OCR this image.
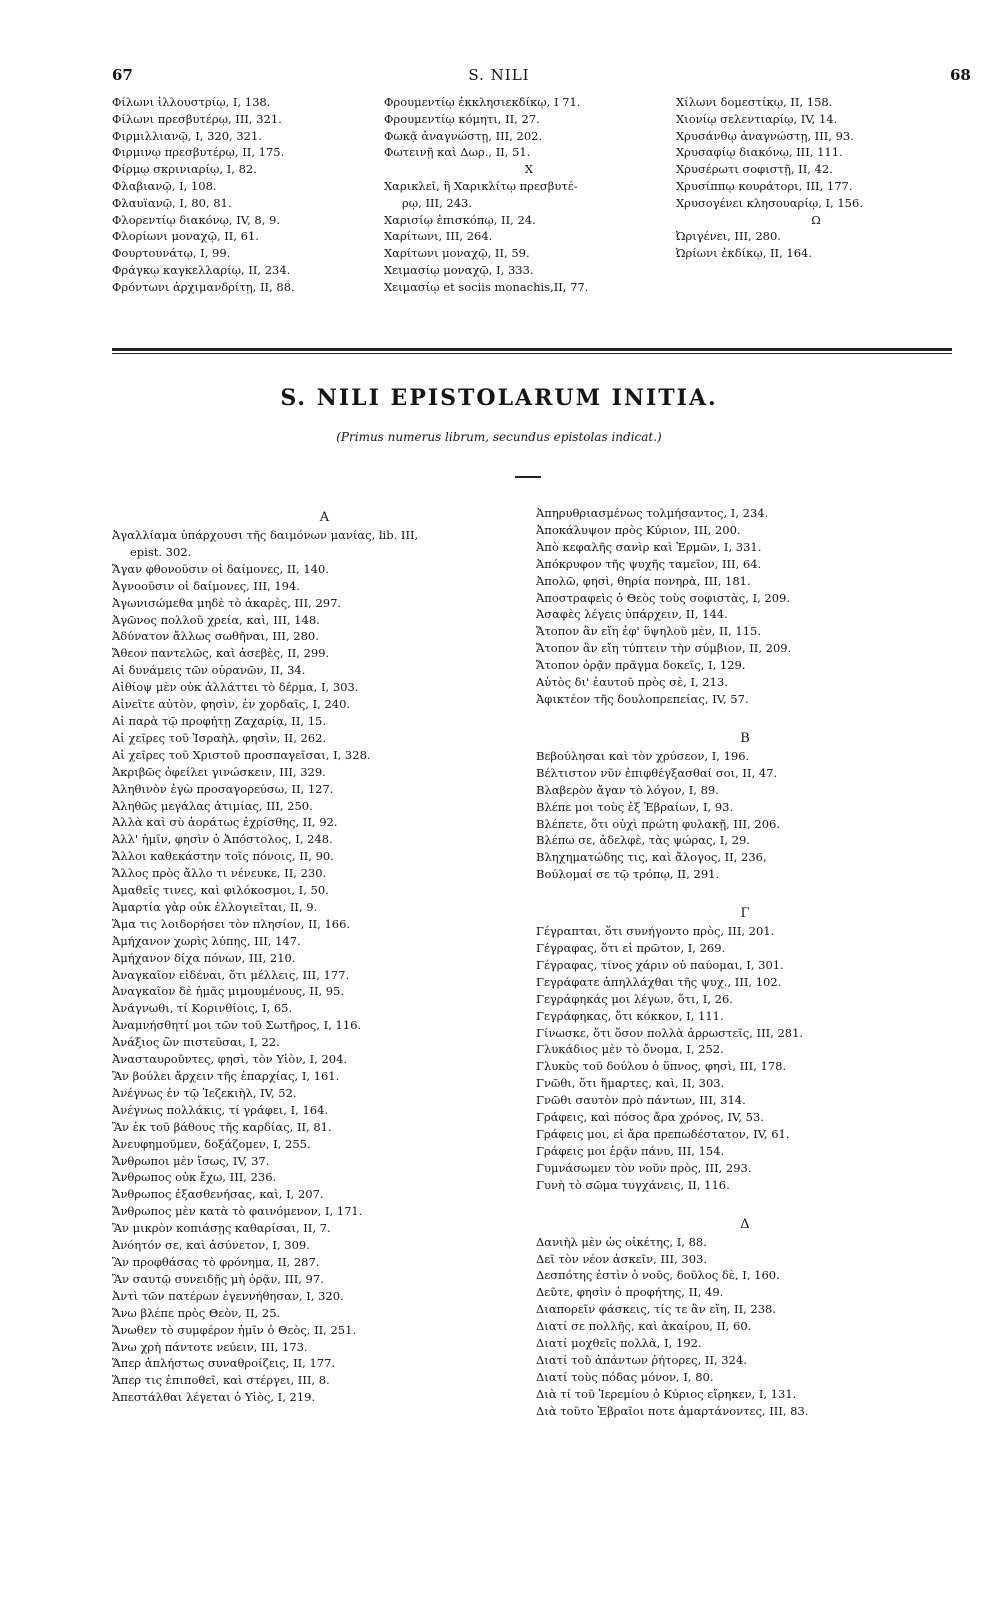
67	S. NILI	68
Φίλωνι ἰλλουστρίῳ, Ι, 138.
Φίλωνι πρεσβυτέρῳ, ΙΙΙ, 321.
Φιρμιλλιανῷ, Ι, 320, 321.
Φιρμινῳ πρεσβυτέρῳ, ΙΙ, 175.
Φίρμῳ σκρινιαρίῳ, Ι, 82.
Φλαβιανῷ, Ι, 108.
Φλαυϊανῷ, Ι, 80, 81.
Φλορεντίῳ διακόνῳ, ΙV, 8, 9.
Φλορίωνι μοναχῷ, ΙΙ, 61.
Φουρτουνάτῳ, Ι, 99.
Φράγκῳ καγκελλαρίῳ, ΙΙ, 234.
Φρόντωνι ἀρχιμανδρίτῃ, ΙΙ, 88.
Φρουμεντίῳ ἐκκλησιεκδίκῳ, Ι 71.
Φρουμεντίῳ κόμητι, ΙΙ, 27.
Φωκᾷ ἀναγνώστῃ, ΙΙΙ, 202.
Φωτεινῇ καὶ Δωρ., ΙΙ, 51.
X
Χαρικλεῖ, ἢ Χαρικλίτῳ πρεσβυτέ-
ρῳ, ΙΙΙ, 243.
Χαρισίῳ ἐπισκόπῳ, ΙΙ, 24.
Χαρίτωνι, ΙΙΙ, 264.
Χαρίτωνι μοναχῷ, ΙΙ, 59.
Χειμασίῳ μοναχῷ, Ι, 333.
Χειμασίῳ et sociis monachis,ΙΙ, 77.
Χίλωνι δομεστίκῳ, ΙΙ, 158.
Χιονίῳ σελεντιαρίῳ, ΙV, 14.
Χρυσάνθῳ ἀναγνώστῃ, ΙΙΙ, 93.
Χρυσαφίῳ διακόνῳ, ΙΙΙ, 111.
Χρυσέρωτι σοφιστῇ, ΙΙ, 42.
Χρυσίππῳ κουράτορι, ΙΙΙ, 177.
Χρυσογένει κλησουαρίῳ, Ι, 156.
Ω
Ὠριγένει, ΙΙΙ, 280.
Ὠρίωνι ἐκδίκῳ, ΙΙ, 164.
S. NILI EPISTOLARUM INITIA.
(Primus numerus librum, secundus epistolas indicat.)
A
Ἀγαλλίαμα ὑπάρχουσι τῆς δαιμόνων μανίας, lib. ΙΙΙ,
epist. 302.
Ἄγαν φθονοῦσιν οἱ δαίμονες, ΙΙ, 140.
Ἀγνοοῦσιν οἱ δαίμονες, ΙΙΙ, 194.
Ἀγωνισώμεθα μηδὲ τὸ ἀκαρὲς, ΙΙΙ, 297.
Ἀγῶνος πολλοῦ χρεία, καὶ, ΙΙΙ, 148.
Ἀδύνατον ἄλλως σωθῆναι, ΙΙΙ, 280.
Ἄθεον παντελῶς, καὶ ἀσεβὲς, ΙΙ, 299.
Αἱ δυνάμεις τῶν οὐρανῶν, ΙΙ, 34.
Αἰθίοψ μὲν οὐκ ἀλλάττει τὸ δέρμα, Ι, 303.
Αἰνεῖτε αὐτὸν, φησὶν, ἐν χορδαῖς, Ι, 240.
Αἱ παρὰ τῷ προφήτῃ Ζαχαρίᾳ, ΙΙ, 15.
Αἱ χεῖρες τοῦ Ἰσραὴλ, φησὶν, ΙΙ, 262.
Αἱ χεῖρες τοῦ Χριστοῦ προσπαγεῖσαι, Ι, 328.
Ἀκριβῶς ὀφείλει γινώσκειν, ΙΙΙ, 329.
Ἀληθινὸν ἐγὼ προσαγορεύσω, ΙΙ, 127.
Ἀληθῶς μεγάλας ἀτιμίας, ΙΙΙ, 250.
Ἀλλὰ καὶ σὺ ἀοράτως ἐχρίσθης, ΙΙ, 92.
Ἀλλ' ἡμῖν, φησὶν ὁ Ἀπόστολος, Ι, 248.
Ἄλλοι καθεκάστην τοῖς πόνοις, ΙΙ, 90.
Ἄλλος πρὸς ἄλλο τι νένευκε, ΙΙ, 230.
Ἀμαθεῖς τινες, καὶ φιλόκοσμοι, Ι, 50.
Ἁμαρτία γὰρ οὐκ ἐλλογιεῖται, ΙΙ, 9.
Ἅμα τις λοιδορήσει τὸν πλησίον, ΙΙ, 166.
Ἀμήχανον χωρὶς λύπης, ΙΙΙ, 147.
Ἀμήχανον δίχα πόνων, ΙΙΙ, 210.
Ἀναγκαῖον εἰδέναι, ὅτι μέλλεις, ΙΙΙ, 177.
Ἀναγκαῖον δὲ ἡμᾶς μιμουμένους, ΙΙ, 95.
Ἀνάγνωθι, τί Κορινθίοις, Ι, 65.
Ἀναμνήσθητί μοι τῶν τοῦ Σωτῆρος, Ι, 116.
Ἀνάξιος ὢν πιστεῦσαι, Ι, 22.
Ἀνασταυροῦντες, φησὶ, τὸν Υἱὸν, Ι, 204.
Ἂν βούλει ἄρχειν τῆς ἐπαρχίας, Ι, 161.
Ἀνέγνως ἐν τῷ Ἰεζεκιὴλ, ΙV, 52.
Ἀνέγνως πολλάκις, τί γράφει, Ι, 164.
Ἂν ἐκ τοῦ βάθους τῆς καρδίας, ΙΙ, 81.
Ἀνευφημοῦμεν, δοξάζομεν, Ι, 255.
Ἄνθρωποι μὲν ἴσως, ΙV, 37.
Ἄνθρωπος οὐκ ἔχω, ΙΙΙ, 236.
Ἄνθρωπος ἐξασθενήσας, καὶ, Ι, 207.
Ἄνθρωπος μὲν κατὰ τὸ φαινόμενον, Ι, 171.
Ἂν μικρὸν κοπιάσῃς καθαρίσαι, ΙΙ, 7.
Ἀνόητόν σε, καὶ ἀσύνετον, Ι, 309.
Ἂν προφθάσας τὸ φρόνημα, ΙΙ, 287.
Ἂν σαυτῷ συνειδῇς μὴ ὁρᾷν, ΙΙΙ, 97.
Ἀντὶ τῶν πατέρων ἐγεννήθησαν, Ι, 320.
Ἄνω βλέπε πρὸς Θεὸν, ΙΙ, 25.
Ἄνωθεν τὸ συμφέρον ἡμῖν ὁ Θεὸς, ΙΙ, 251.
Ἄνω χρὴ πάντοτε νεύειν, ΙΙΙ, 173.
Ἅπερ ἀπλήστως συναθροίζεις, ΙΙ, 177.
Ἅπερ τις ἐπιποθεῖ, καὶ στέργει, ΙΙΙ, 8.
Ἀπεστάλθαι λέγεται ὁ Υἱὸς, Ι, 219.
Ἀπηρυθριασμένως τολμήσαντος, Ι, 234.
Ἀποκάλυψον πρὸς Κύριον, ΙΙΙ, 200.
Ἀπὸ κεφαλῆς σανὶρ καὶ Ἑρμῶν, Ι, 331.
Ἀπόκρυφον τῆς ψυχῆς ταμεῖον, ΙΙΙ, 64.
Ἀπολῶ, φησὶ, θηρία πονηρὰ, ΙΙΙ, 181.
Ἀποστραφεὶς ὁ Θεὸς τοὺς σοφιστὰς, Ι, 209.
Ἀσαφὲς λέγεις ὑπάρχειν, ΙΙ, 144.
Ἄτοπον ἂν εἴη ἐφ' ὕψηλοῦ μὲν, ΙΙ, 115.
Ἄτοπον ἂν εἴη τύπτειν τὴν σύμβιον, ΙΙ, 209.
Ἄτοπον ὁρᾷν πρᾶγμα δοκεῖς, Ι, 129.
Αὐτὸς δι' ἑαυτοῦ πρὸς σὲ, Ι, 213.
Ἀφικτέον τῆς δουλοπρεπείας, ΙV, 57.
B
Βεβούλησαι καὶ τὸν χρύσεον, Ι, 196.
Βέλτιστον νῦν ἐπιφθέγξασθαί σοι, ΙΙ, 47.
Βλαβερὸν ἄγαν τὸ λόγον, Ι, 89.
Βλέπε μοι τοὺς ἐξ Ἑβραίων, Ι, 93.
Βλέπετε, ὅτι οὐχὶ πρώτη φυλακῇ, ΙΙΙ, 206.
Βλέπω σε, ἀδελφὲ, τὰς ψώρας, Ι, 29.
Βληχηματώδης τις, καὶ ἄλογος, ΙΙ, 236,
Βούλομαί σε τῷ τρόπῳ, ΙΙ, 291.
Γ
Γέγραπται, ὅτι συνήγοντο πρὸς, ΙΙΙ, 201.
Γέγραφας, ὅτι εἰ πρῶτον, Ι, 269.
Γέγραφας, τίνος χάριν οὐ παύομαι, Ι, 301.
Γεγράφατε ἀπηλλάχθαι τῆς ψυχ., ΙΙΙ, 102.
Γεγράφηκάς μοι λέγων, ὅτι, Ι, 26.
Γεγράφηκας, ὅτι κόκκον, Ι, 111.
Γίνωσκε, ὅτι ὅσον πολλὰ ἀρρωστεῖς, ΙΙΙ, 281.
Γλυκάδιος μὲν τὸ ὄνομα, Ι, 252.
Γλυκὺς τοῦ δούλου ὁ ὕπνος, φησὶ, ΙΙΙ, 178.
Γνῶθι, ὅτι ἥμαρτες, καὶ, ΙΙ, 303.
Γνῶθι σαυτὸν πρὸ πάντων, ΙΙΙ, 314.
Γράφεις, καὶ πόσος ἄρα χρόνος, ΙV, 53.
Γράφεις μοι, εἰ ἄρα πρεπωδέστατον, ΙV, 61.
Γράφεις μοι ἐρᾷν πάνυ, ΙΙΙ, 154.
Γυμνάσωμεν τὸν νοῦν πρὸς, ΙΙΙ, 293.
Γυνὴ τὸ σῶμα τυγχάνεις, ΙΙ, 116.
Δ
Δανιὴλ μὲν ὡς οἰκέτης, Ι, 88.
Δεῖ τὸν νέον ἀσκεῖν, ΙΙΙ, 303.
Δεσπότης ἐστὶν ὁ νοῦς, δοῦλος δὲ, Ι, 160.
Δεῦτε, φησὶν ὁ προφήτης, ΙΙ, 49.
Διαπορεῖν φάσκεις, τίς τε ἂν εἴη, ΙΙ, 238.
Διατί σε πολλῆς, καὶ ἀκαίρου, ΙΙ, 60.
Διατί μοχθεῖς πολλὰ, Ι, 192.
Διατί τοῦ ἀπάντων ῥήτορες, ΙΙ, 324.
Διατί τοὺς πόδας μόνον, Ι, 80.
Διὰ τί τοῦ Ἱερεμίου ὁ Κύριος εἴρηκεν, Ι, 131.
Διὰ τοῦτο Ἑβραῖοι ποτε ἁμαρτάνοντες, ΙΙΙ, 83.
